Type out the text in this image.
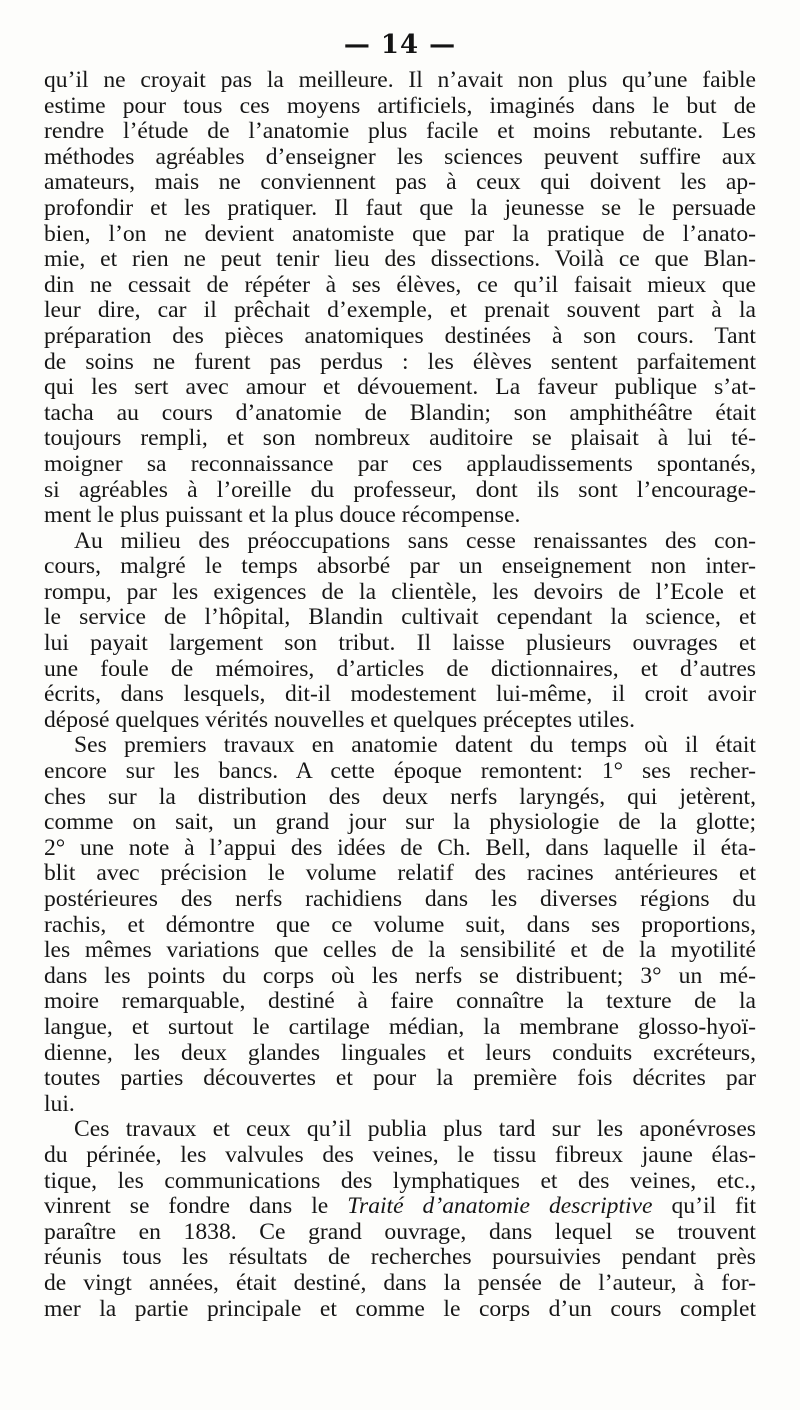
— 14 —
qu’il ne croyait pas la meilleure. Il n’avait non plus qu’une faible
estime pour tous ces moyens artificiels, imaginés dans le but de
rendre l’étude de l’anatomie plus facile et moins rebutante. Les
méthodes agréables d’enseigner les sciences peuvent suffire aux
amateurs, mais ne conviennent pas à ceux qui doivent les ap-
profondir et les pratiquer. Il faut que la jeunesse se le persuade
bien, l’on ne devient anatomiste que par la pratique de l’anato-
mie, et rien ne peut tenir lieu des dissections. Voilà ce que Blan-
din ne cessait de répéter à ses élèves, ce qu’il faisait mieux que
leur dire, car il prêchait d’exemple, et prenait souvent part à la
préparation des pièces anatomiques destinées à son cours. Tant
de soins ne furent pas perdus : les élèves sentent parfaitement
qui les sert avec amour et dévouement. La faveur publique s’at-
tacha au cours d’anatomie de Blandin; son amphithéâtre était
toujours rempli, et son nombreux auditoire se plaisait à lui té-
moigner sa reconnaissance par ces applaudissements spontanés,
si agréables à l’oreille du professeur, dont ils sont l’encourage-
ment le plus puissant et la plus douce récompense.
Au milieu des préoccupations sans cesse renaissantes des con-
cours, malgré le temps absorbé par un enseignement non inter-
rompu, par les exigences de la clientèle, les devoirs de l’Ecole et
le service de l’hôpital, Blandin cultivait cependant la science, et
lui payait largement son tribut. Il laisse plusieurs ouvrages et
une foule de mémoires, d’articles de dictionnaires, et d’autres
écrits, dans lesquels, dit-il modestement lui-même, il croit avoir
déposé quelques vérités nouvelles et quelques préceptes utiles.
Ses premiers travaux en anatomie datent du temps où il était
encore sur les bancs. A cette époque remontent: 1° ses recher-
ches sur la distribution des deux nerfs laryngés, qui jetèrent,
comme on sait, un grand jour sur la physiologie de la glotte;
2° une note à l’appui des idées de Ch. Bell, dans laquelle il éta-
blit avec précision le volume relatif des racines antérieures et
postérieures des nerfs rachidiens dans les diverses régions du
rachis, et démontre que ce volume suit, dans ses proportions,
les mêmes variations que celles de la sensibilité et de la myotilité
dans les points du corps où les nerfs se distribuent; 3° un mé-
moire remarquable, destiné à faire connaître la texture de la
langue, et surtout le cartilage médian, la membrane glosso-hyoï-
dienne, les deux glandes linguales et leurs conduits excréteurs,
toutes parties découvertes et pour la première fois décrites par
lui.
Ces travaux et ceux qu’il publia plus tard sur les aponévroses
du périnée, les valvules des veines, le tissu fibreux jaune élas-
tique, les communications des lymphatiques et des veines, etc.,
vinrent se fondre dans le Traité d’anatomie descriptive qu’il fit
paraître en 1838. Ce grand ouvrage, dans lequel se trouvent
réunis tous les résultats de recherches poursuivies pendant près
de vingt années, était destiné, dans la pensée de l’auteur, à for-
mer la partie principale et comme le corps d’un cours complet
